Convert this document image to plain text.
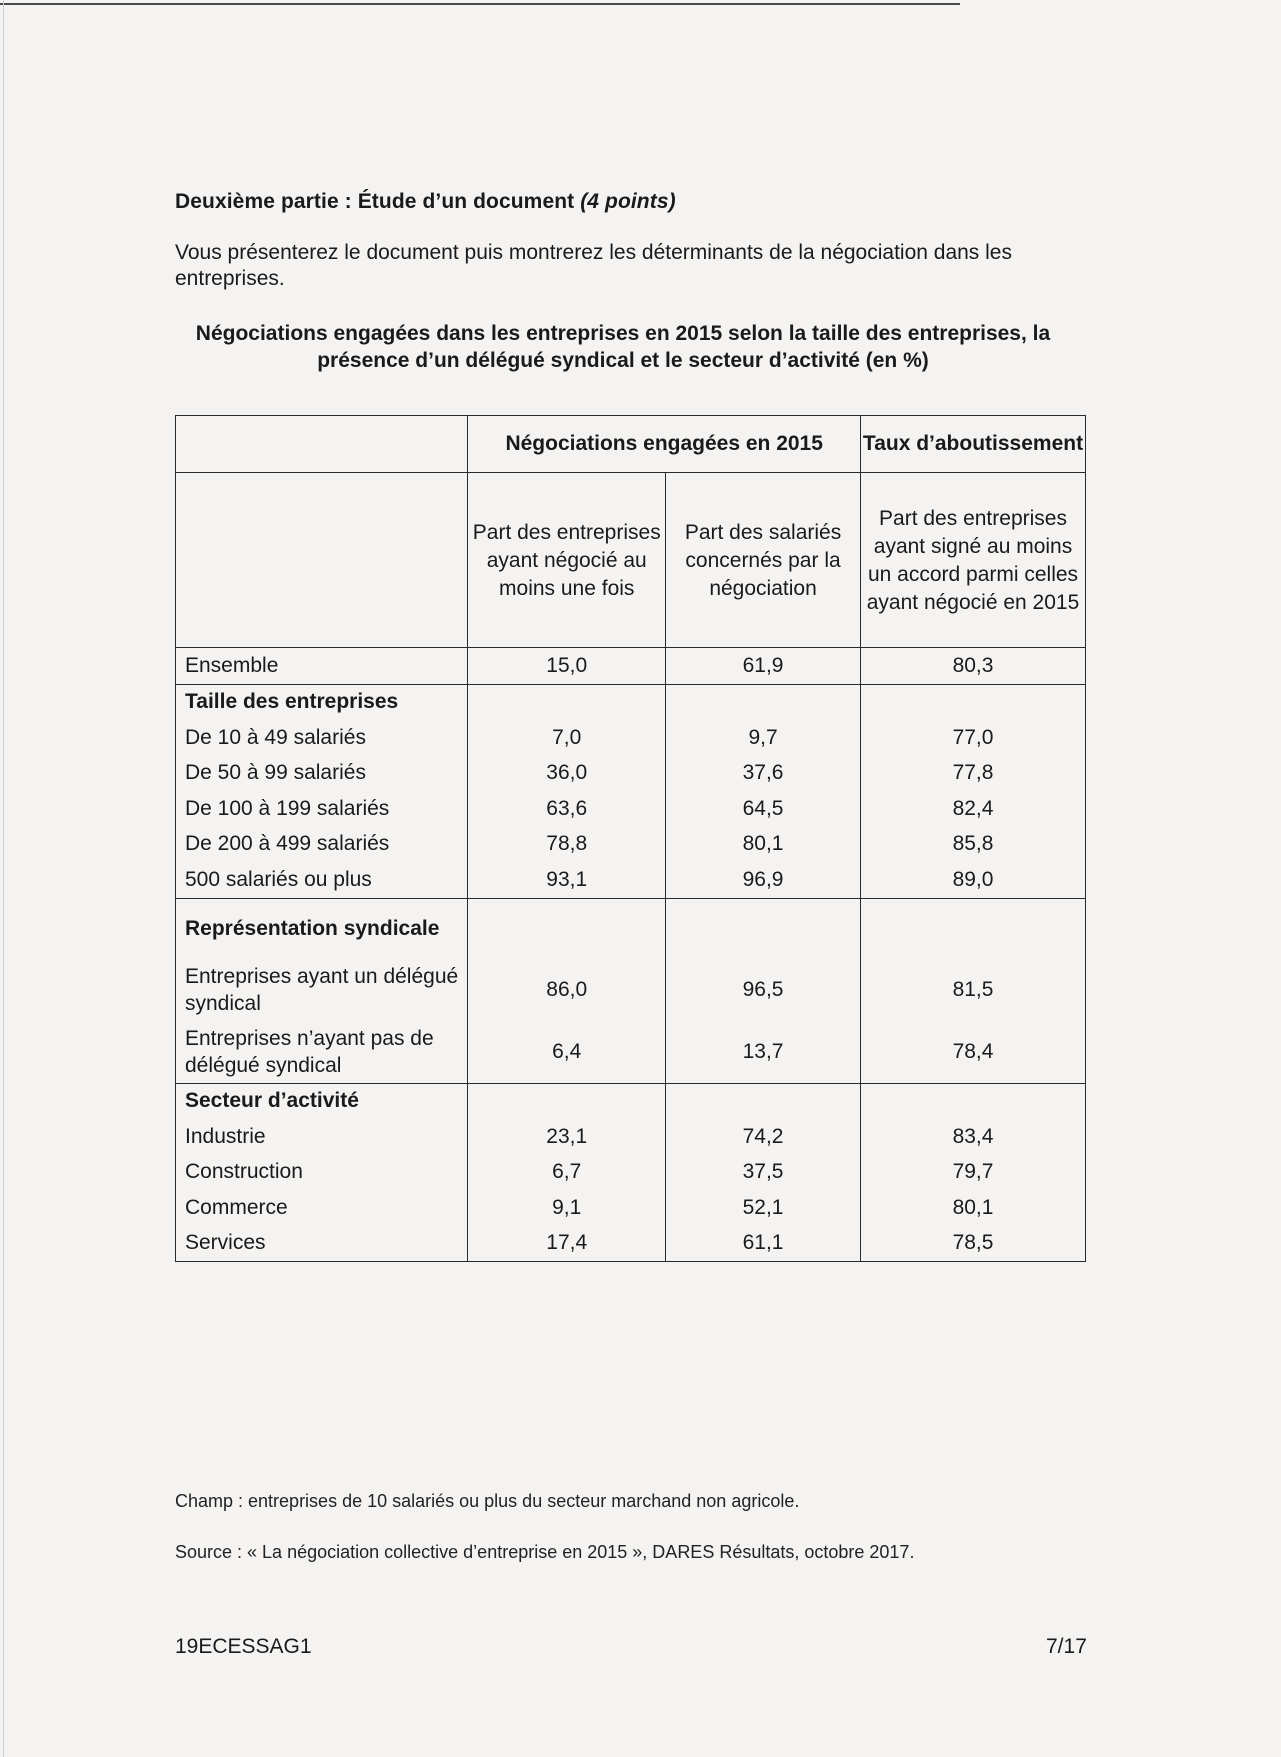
Deuxième partie : Étude d’un document (4 points)

Vous présenterez le document puis montrerez les déterminants de la négociation dans les entreprises.

Négociations engagées dans les entreprises en 2015 selon la taille des entreprises, la présence d’un délégué syndical et le secteur d’activité (en %)

	Négociations engagées en 2015		Taux d’aboutissement
	Part des entreprises ayant négocié au moins une fois	Part des salariés concernés par la négociation	Part des entreprises ayant signé au moins un accord parmi celles ayant négocié en 2015
Ensemble	15,0	61,9	80,3
Taille des entreprises			
De 10 à 49 salariés	7,0	9,7	77,0
De 50 à 99 salariés	36,0	37,6	77,8
De 100 à 199 salariés	63,6	64,5	82,4
De 200 à 499 salariés	78,8	80,1	85,8
500 salariés ou plus	93,1	96,9	89,0
Représentation syndicale			
Entreprises ayant un délégué syndical	86,0	96,5	81,5
Entreprises n’ayant pas de délégué syndical	6,4	13,7	78,4
Secteur d’activité			
Industrie	23,1	74,2	83,4
Construction	6,7	37,5	79,7
Commerce	9,1	52,1	80,1
Services	17,4	61,1	78,5

Champ : entreprises de 10 salariés ou plus du secteur marchand non agricole.

Source : « La négociation collective d’entreprise en 2015 », DARES Résultats, octobre 2017.

19ECESSAG1	7/17
